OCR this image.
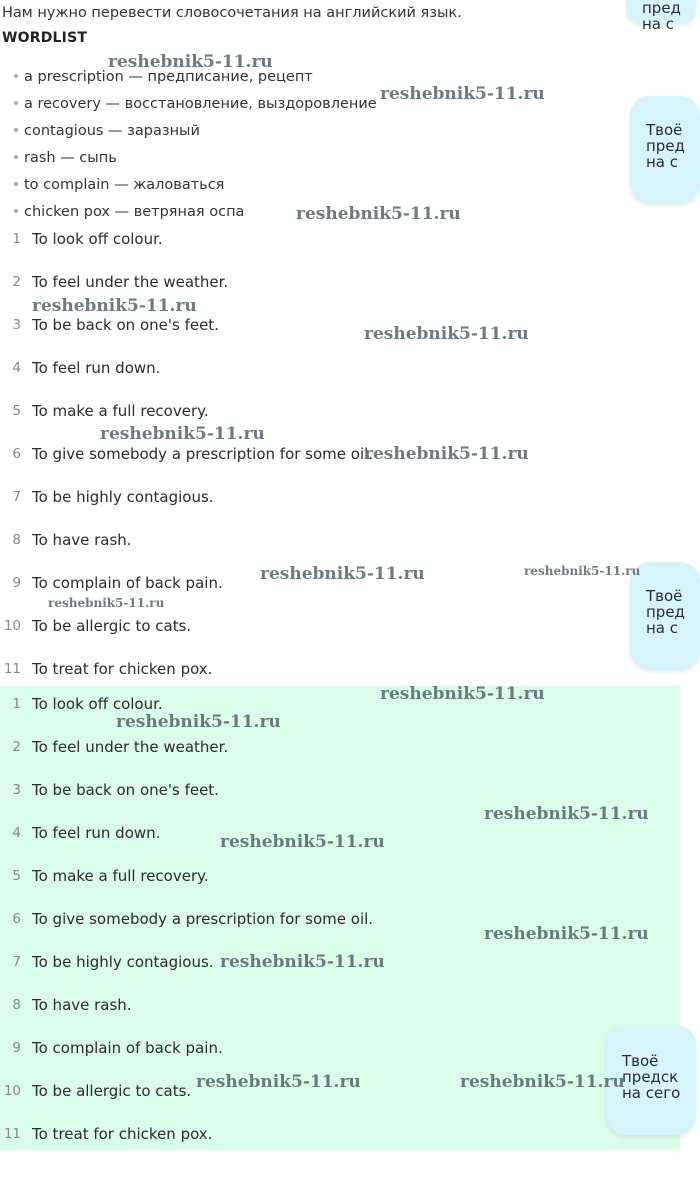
Нам нужно перевести словосочетания на английский язык.
WORDLIST
a prescription — предписание, рецепт
a recovery — восстановление, выздоровление
contagious — заразный
rash — сыпь
to complain — жаловаться
chicken pox — ветряная оспа
1 To look off colour.
2 To feel under the weather.
3 To be back on one's feet.
4 To feel run down.
5 To make a full recovery.
6 To give somebody a prescription for some oil.
7 To be highly contagious.
8 To have rash.
9 To complain of back pain.
10 To be allergic to cats.
11 To treat for chicken pox.
1 To look off colour.
2 To feel under the weather.
3 To be back on one's feet.
4 To feel run down.
5 To make a full recovery.
6 To give somebody a prescription for some oil.
7 To be highly contagious.
8 To have rash.
9 To complain of back pain.
10 To be allergic to cats.
11 To treat for chicken pox.
пред
на с
Твоё
пред
на с
Твоё
пред
на с
Твоё
предск
на сего
reshebnik5-11.ru
reshebnik5-11.ru
reshebnik5-11.ru
reshebnik5-11.ru
reshebnik5-11.ru
reshebnik5-11.ru
reshebnik5-11.ru
reshebnik5-11.ru	reshebnik5-11.ru
reshebnik5-11.ru
reshebnik5-11.ru
reshebnik5-11.ru
reshebnik5-11.ru
reshebnik5-11.ru
reshebnik5-11.ru
reshebnik5-11.ru
reshebnik5-11.ru	reshebnik5-11.ru
